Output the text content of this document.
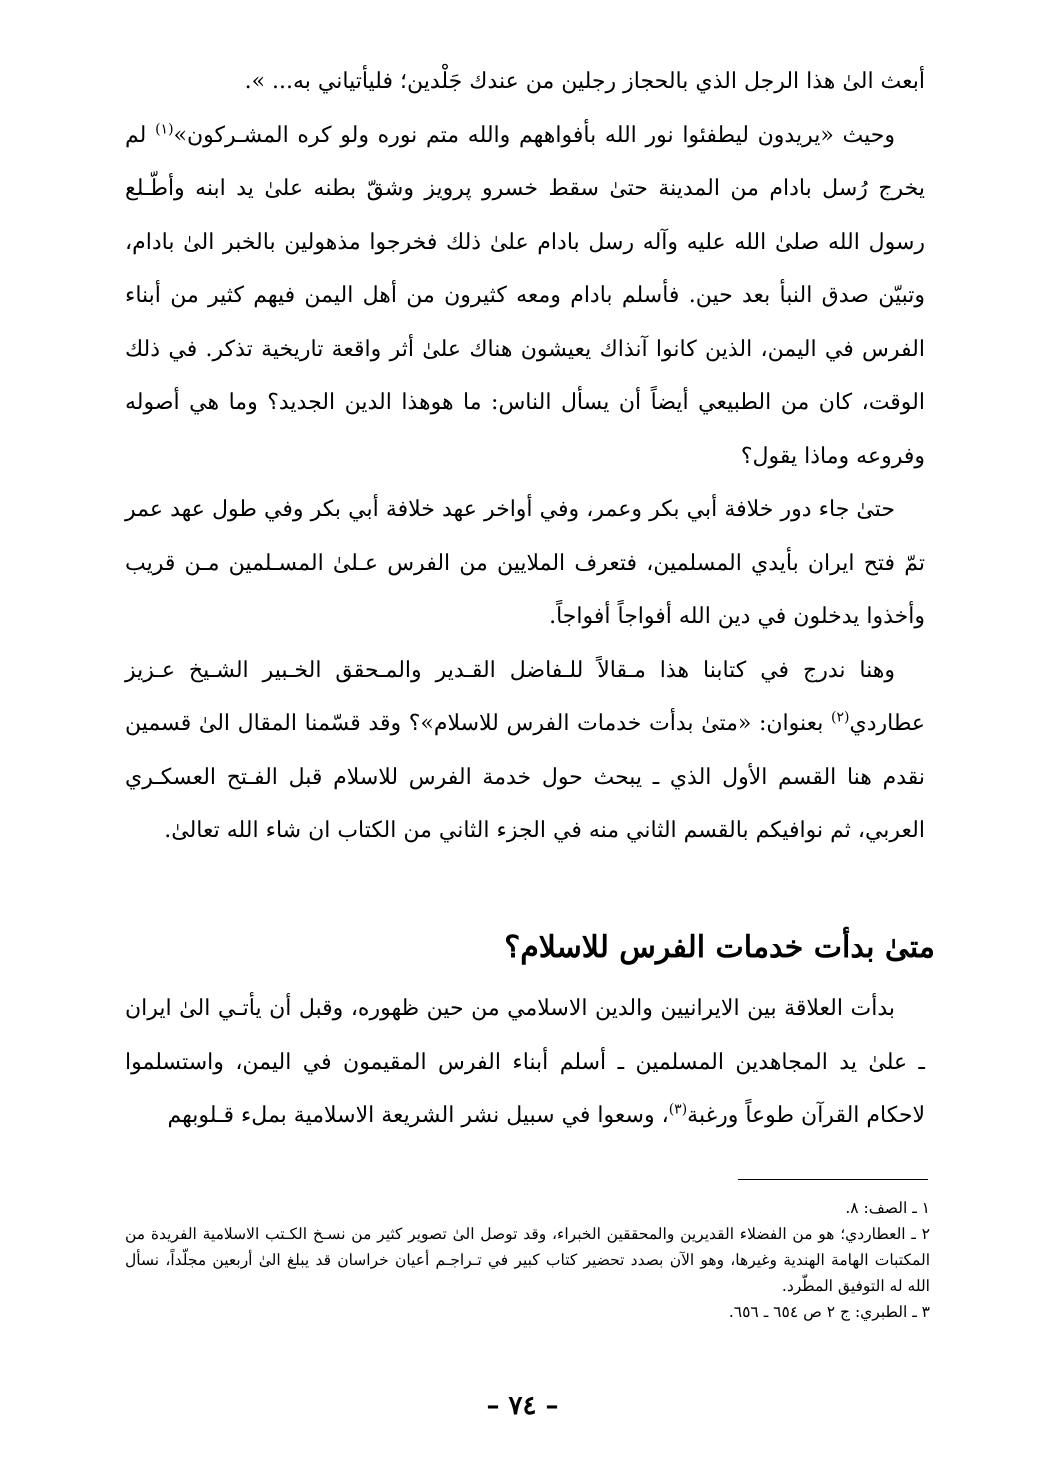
أبعث الىٰ هذا الرجل الذي بالحجاز رجلين من عندك جَلْدين؛ فليأتياني به... ».

وحيث «يريدون ليطفئوا نور الله بأفواههم والله متم نوره ولو كره المشـركون»$^{(١)}$ لم يخرج رُسل بادام من المدينة حتىٰ سقط خسرو پرويز وشقّ بطنه علىٰ يد ابنه وأطّـلع رسول الله صلىٰ الله عليه وآله رسل بادام علىٰ ذلك فخرجوا مذهولين بالخبر الىٰ بادام، وتبيّن صدق النبأ بعد حين. فأسلم بادام ومعه كثيرون من أهل اليمن فيهم كثير من أبناء الفرس في اليمن، الذين كانوا آنذاك يعيشون هناك علىٰ أثر واقعة تاريخية تذكر. في ذلك الوقت، كان من الطبيعي أيضاً أن يسأل الناس: ما هوهذا الدين الجديد؟ وما هي أصوله وفروعه وماذا يقول؟

حتىٰ جاء دور خلافة أبي بكر وعمر، وفي أواخر عهد خلافة أبي بكر وفي طول عهد عمر تمّ فتح ايران بأيدي المسلمين، فتعرف الملايين من الفرس عـلىٰ المسـلمين مـن قريب وأخذوا يدخلون في دين الله أفواجاً أفواجاً.

وهنا ندرج في كتابنا هذا مـقالاً للـفاضل القـدير والمـحقق الخـبير الشـيخ عـزيز عطاردي$^{(٢)}$ بعنوان: «متىٰ بدأت خدمات الفرس للاسلام»؟ وقد قسّمنا المقال الىٰ قسمين نقدم هنا القسم الأول الذي ـ يبحث حول خدمة الفرس للاسلام قبل الفـتح العسكـري العربي، ثم نوافيكم بالقسم الثاني منه في الجزء الثاني من الكتاب ان شاء الله تعالىٰ.

متىٰ بدأت خدمات الفرس للاسلام؟

بدأت العلاقة بين الايرانيين والدين الاسلامي من حين ظهوره، وقبل أن يأتـي الىٰ ايران ـ علىٰ يد المجاهدين المسلمين ـ أسلم أبناء الفرس المقيمون في اليمن، واستسلموا لاحكام القرآن طوعاً ورغبة$^{(٣)}$، وسعوا في سبيل نشر الشريعة الاسلامية بملء قـلوبهم

١ ـ الصف: ٨.

٢ ـ العطاردي؛ هو من الفضلاء القديرين والمحققين الخبراء، وقد توصل الىٰ تصوير كثير من نسـخ الكـتب الاسلامية الفريدة من المكتبات الهامة الهندية وغيرها، وهو الآن بصدد تحضير كتاب كبير في تـراجـم أعيان خراسان قد يبلغ الىٰ أربعين مجلّداً، نسأل الله له التوفيق المطّرد.

٣ ـ الطبري: ج ٢ ص ٦٥٤ ـ ٦٥٦.

– ٧٤ –
